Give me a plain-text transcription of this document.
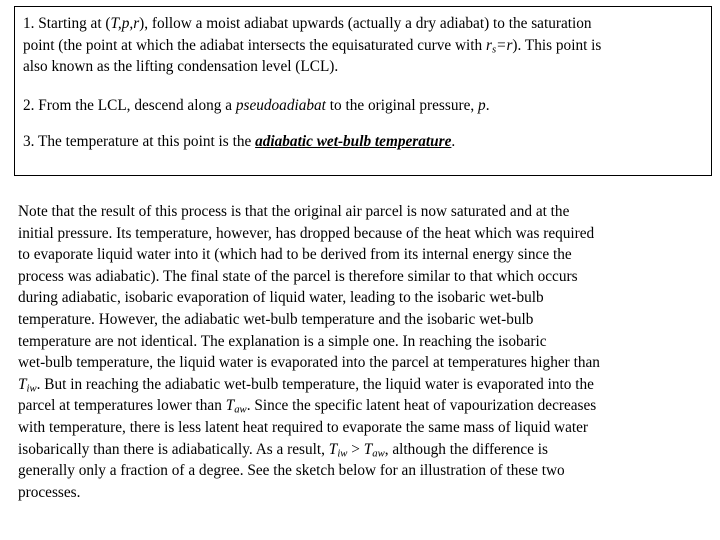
1. Starting at (T,p,r), follow a moist adiabat upwards (actually a dry adiabat) to the saturation
point (the point at which the adiabat intersects the equisaturated curve with $r_s=r$). This point is
also known as the lifting condensation level (LCL).

2. From the LCL, descend along a pseudoadiabat to the original pressure, p.

3. The temperature at this point is the adiabatic wet-bulb temperature.

Note that the result of this process is that the original air parcel is now saturated and at the
initial pressure. Its temperature, however, has dropped because of the heat which was required
to evaporate liquid water into it (which had to be derived from its internal energy since the
process was adiabatic). The final state of the parcel is therefore similar to that which occurs
during adiabatic, isobaric evaporation of liquid water, leading to the isobaric wet-bulb
temperature. However, the adiabatic wet-bulb temperature and the isobaric wet-bulb
temperature are not identical. The explanation is a simple one. In reaching the isobaric
wet-bulb temperature, the liquid water is evaporated into the parcel at temperatures higher than
$T_{iw}$. But in reaching the adiabatic wet-bulb temperature, the liquid water is evaporated into the
parcel at temperatures lower than $T_{aw}$. Since the specific latent heat of vapourization decreases
with temperature, there is less latent heat required to evaporate the same mass of liquid water
isobarically than there is adiabatically. As a result, $T_{iw} > T_{aw}$, although the difference is
generally only a fraction of a degree. See the sketch below for an illustration of these two
processes.
